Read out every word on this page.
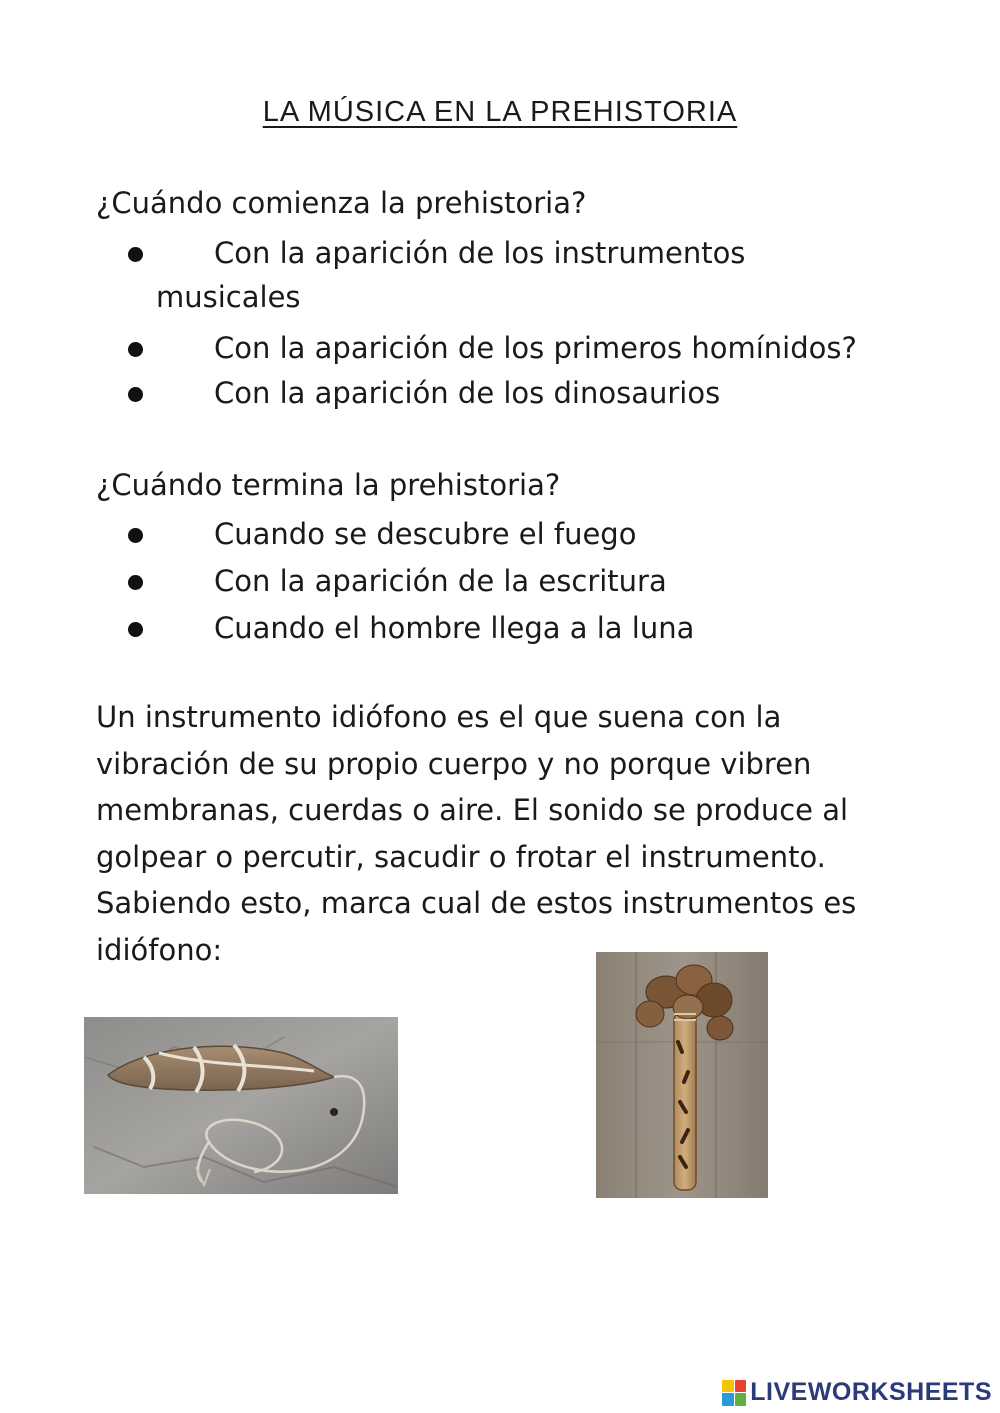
LA MÚSICA EN LA PREHISTORIA
¿Cuándo comienza la prehistoria?
Con la aparición de los instrumentos
musicales
Con la aparición de los primeros homínidos?
Con la aparición de los dinosaurios
¿Cuándo termina la prehistoria?
Cuando se descubre el fuego
Con la aparición de la escritura
Cuando el hombre llega a la luna
Un instrumento idiófono es el que suena con la vibración de su propio cuerpo y no porque vibren membranas, cuerdas o aire. El sonido se produce al golpear o percutir, sacudir o frotar el instrumento. Sabiendo esto, marca cual de estos instrumentos es idiófono:
LIVEWORKSHEETS
